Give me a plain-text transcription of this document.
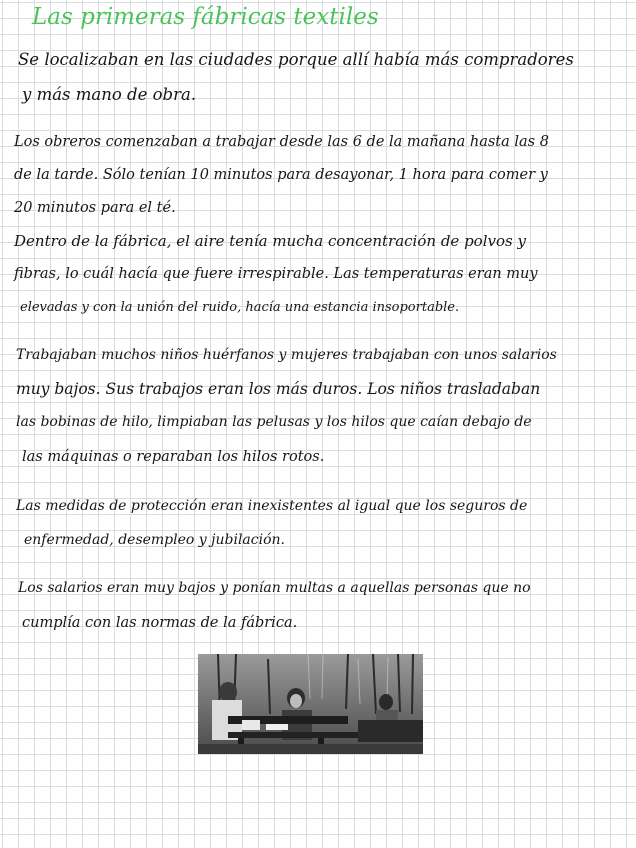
Las primeras fábricas textiles
Se localizaban en las ciudades porque allí había más compradores
y más mano de obra.
Los obreros comenzaban a trabajar desde las 6 de la mañana hasta las 8
de la tarde. Sólo tenían 10 minutos para desayonar, 1 hora para comer y
20 minutos para el té.
Dentro de la fábrica, el aire tenía mucha concentración de polvos y
fibras, lo cuál hacía que fuere irrespirable. Las temperaturas eran muy
elevadas y con la unión del ruido, hacía una estancia insoportable.
Trabajaban muchos niños huérfanos y mujeres trabajaban con unos salarios
muy bajos. Sus trabajos eran los más duros. Los niños trasladaban
las bobinas de hilo, limpiaban las pelusas y los hilos que caían debajo de
las máquinas o reparaban los hilos rotos.
Las medidas de protección eran inexistentes al igual que los seguros de
enfermedad, desempleo y jubilación.
Los salarios eran muy bajos y ponían multas a aquellas personas que no
cumplía con las normas de la fábrica.
